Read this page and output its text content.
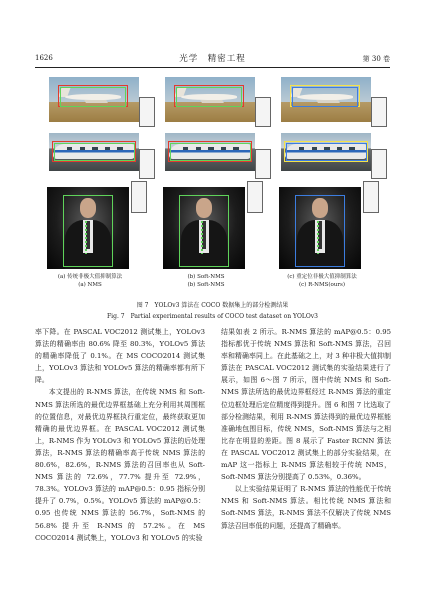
1626	光学　精密工程	第 30 卷
(a) 传统非极大值抑制算法
(a) NMS
(b) Soft-NMS
(b) Soft-NMS
(c) 重定位非极大值抑制算法
(c) R-NMS(ours)
图 7　YOLOv3 算法在 COCO 数据集上的部分检测结果
Fig. 7　Partial experimental results of COCO test dataset on YOLOv3

率下降。在 PASCAL VOC2012 测试集上，YOLOv3 算法的精确率由 80.6% 降至 80.3%，YOLOv5 算法的精确率降低了 0.1%。在 MS COCO2014 测试集上，YOLOv3 算法和 YOLOv5 算法的精确率都有所下降。

本文提出的 R-NMS 算法，在传统 NMS 和 Soft-NMS 算法所选的最优边界框基础上充分利用其周围框的位置信息，对最优边界框执行重定位，最终获取更加精确的最优边界框。在 PASCAL VOC2012 测试集上，R-NMS 作为 YOLOv3 和 YOLOv5 算法的后处理算法，R-NMS 算法的精确率高于传统 NMS 算法的 80.6%，82.6%，R-NMS 算法的召回率也从 Soft-NMS 算法的 72.6%，77.7% 提升至 72.9%，78.3%。YOLOv3 算法的 mAP@0.5：0.95 指标分别提升了 0.7%，0.5%。YOLOv5 算法的 mAP@0.5：0.95 也传统 NMS 算法的 56.7%，Soft-NMS 的 56.8% 提升至 R-NMS 的 57.2%。在 MS COCO2014 测试集上，YOLOv3 和 YOLOv5 的实验

结果如表 2 所示。R-NMS 算法的 mAP@0.5：0.95 指标都优于传统 NMS 算法和 Soft-NMS 算法，召回率和精确率同上。在此基础之上，对 3 种非极大值抑制算法在 PASCAL VOC2012 测试集的实验结果进行了展示，如图 6～图 7 所示，图中传统 NMS 和 Soft-NMS 算法所选的最优边界框经过 R-NMS 算法的重定位边框处理后定位精度得到提升。图 6 和图 7 比选取了部分检测结果，利用 R-NMS 算法得到的最优边界框能准确地包围目标，传统 NMS，Soft-NMS 算法与之相比存在明显的差距。图 8 展示了 Faster RCNN 算法在 PASCAL VOC2012 测试集上的部分实验结果，在 mAP 这一指标上 R-NMS 算法相较于传统 NMS，Soft-NMS 算法分别提高了 0.53%，0.36%。

以上实验结果证明了 R-NMS 算法的性能优于传统 NMS 和 Soft-NMS 算法。相比传统 NMS 算法和 Soft-NMS 算法，R-NMS 算法不仅解决了传统 NMS 算法召回率低的问题，还提高了精确率。
